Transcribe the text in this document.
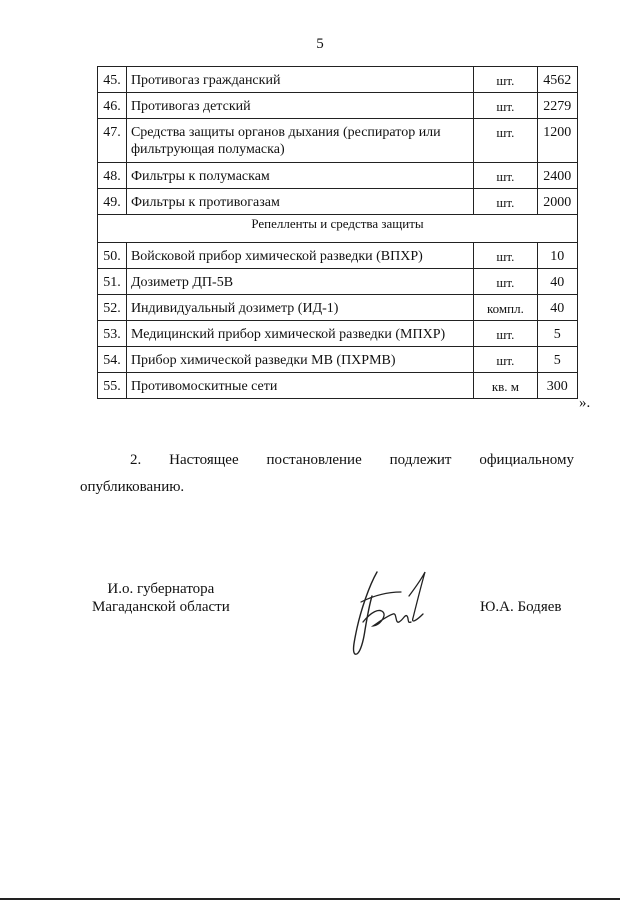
5
45.	Противогаз гражданский	шт.	4562
46.	Противогаз детский	шт.	2279
47.	Средства защиты органов дыхания (респиратор или фильтрующая полумаска)	шт.	1200
48.	Фильтры к полумаскам	шт.	2400
49.	Фильтры к противогазам	шт.	2000
Репелленты и средства защиты			
50.	Войсковой прибор химической разведки (ВПХР)	шт.	10
51.	Дозиметр ДП-5В	шт.	40
52.	Индивидуальный дозиметр (ИД-1)	компл.	40
53.	Медицинский прибор химической разведки (МПХР)	шт.	5
54.	Прибор химической разведки МВ (ПХРМВ)	шт.	5
55.	Противомоскитные сети	кв. м	300
».
2. Настоящее постановление подлежит официальному
опубликованию.
И.о. губернатора
Магаданской области	Ю.А. Бодяев
